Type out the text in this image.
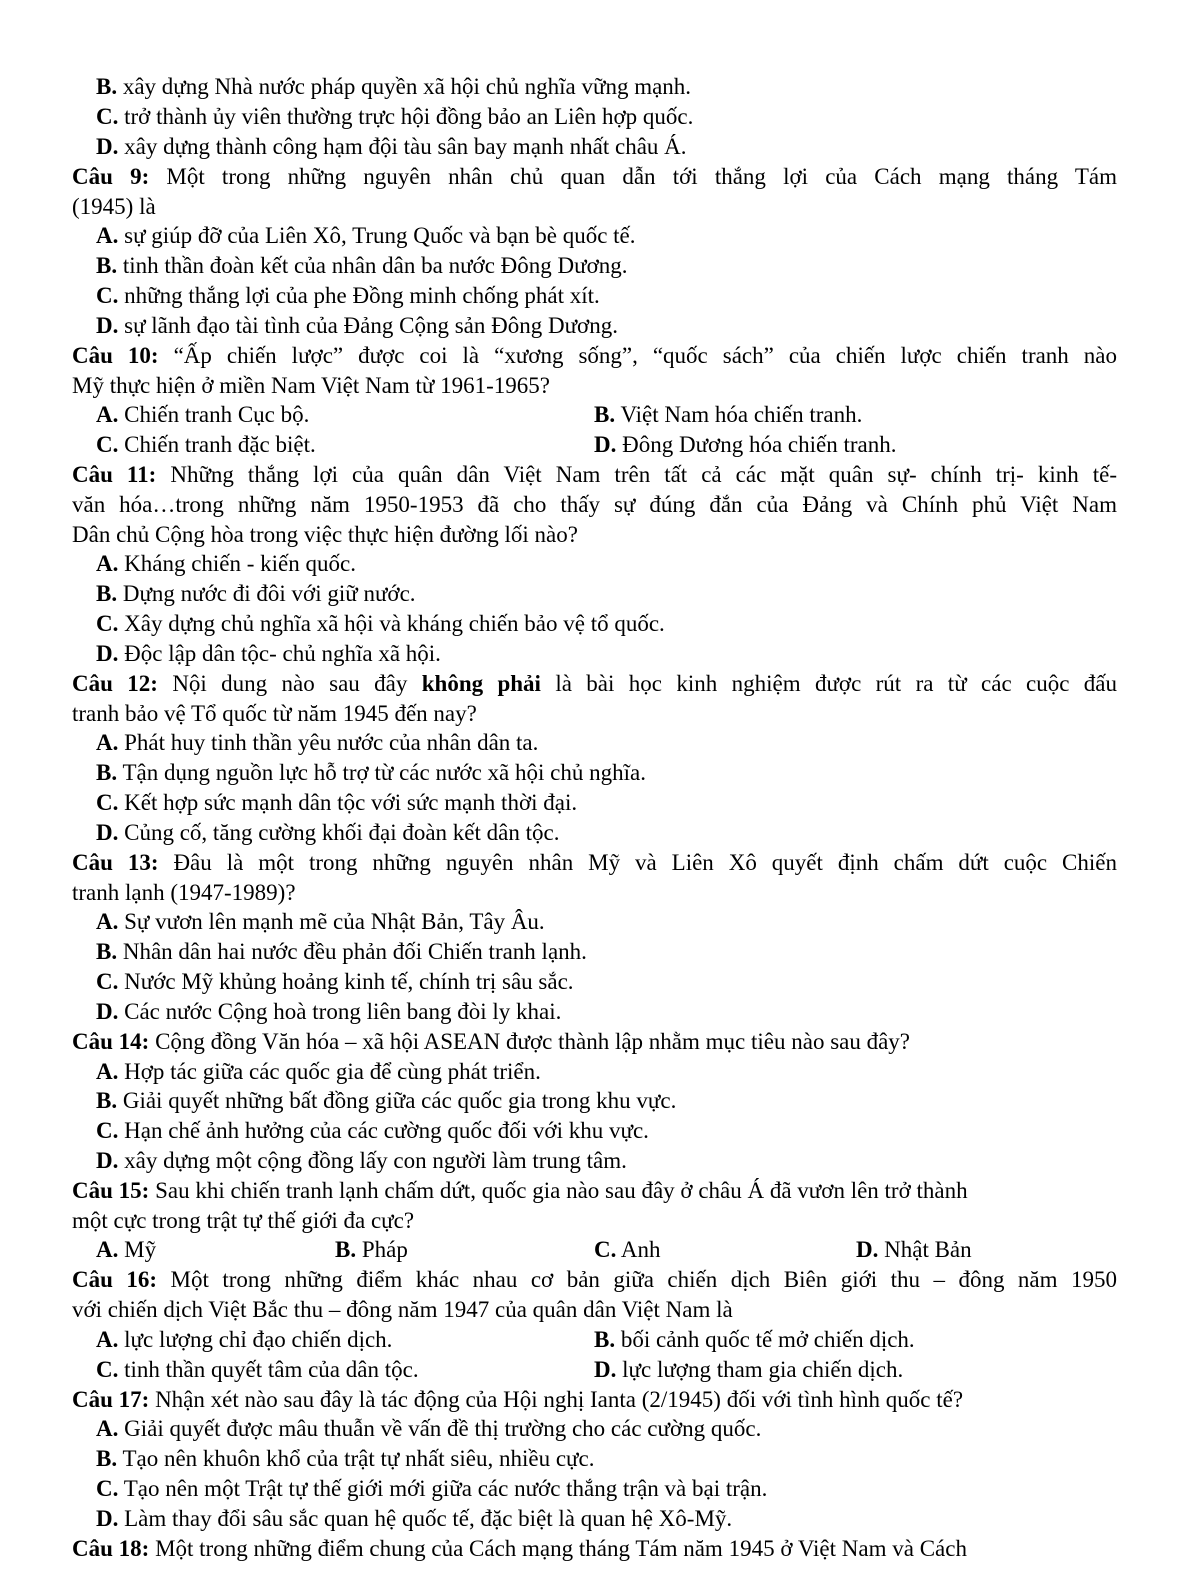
B. xây dựng Nhà nước pháp quyền xã hội chủ nghĩa vững mạnh.
C. trở thành ủy viên thường trực hội đồng bảo an Liên hợp quốc.
D. xây dựng thành công hạm đội tàu sân bay mạnh nhất châu Á.
Câu 9: Một trong những nguyên nhân chủ quan dẫn tới thắng lợi của Cách mạng tháng Tám
(1945) là
A. sự giúp đỡ của Liên Xô, Trung Quốc và bạn bè quốc tế.
B. tinh thần đoàn kết của nhân dân ba nước Đông Dương.
C. những thắng lợi của phe Đồng minh chống phát xít.
D. sự lãnh đạo tài tình của Đảng Cộng sản Đông Dương.
Câu 10: “Ấp chiến lược” được coi là “xương sống”, “quốc sách” của chiến lược chiến tranh nào
Mỹ thực hiện ở miền Nam Việt Nam từ 1961-1965?
A. Chiến tranh Cục bộ.	B. Việt Nam hóa chiến tranh.
C. Chiến tranh đặc biệt.	D. Đông Dương hóa chiến tranh.
Câu 11: Những thắng lợi của quân dân Việt Nam trên tất cả các mặt quân sự- chính trị- kinh tế-
văn hóa…trong những năm 1950-1953 đã cho thấy sự đúng đắn của Đảng và Chính phủ Việt Nam
Dân chủ Cộng hòa trong việc thực hiện đường lối nào?
A. Kháng chiến - kiến quốc.
B. Dựng nước đi đôi với giữ nước.
C. Xây dựng chủ nghĩa xã hội và kháng chiến bảo vệ tổ quốc.
D. Độc lập dân tộc- chủ nghĩa xã hội.
Câu 12: Nội dung nào sau đây không phải là bài học kinh nghiệm được rút ra từ các cuộc đấu
tranh bảo vệ Tổ quốc từ năm 1945 đến nay?
A. Phát huy tinh thần yêu nước của nhân dân ta.
B. Tận dụng nguồn lực hỗ trợ từ các nước xã hội chủ nghĩa.
C. Kết hợp sức mạnh dân tộc với sức mạnh thời đại.
D. Củng cố, tăng cường khối đại đoàn kết dân tộc.
Câu 13: Đâu là một trong những nguyên nhân Mỹ và Liên Xô quyết định chấm dứt cuộc Chiến
tranh lạnh (1947-1989)?
A. Sự vươn lên mạnh mẽ của Nhật Bản, Tây Âu.
B. Nhân dân hai nước đều phản đối Chiến tranh lạnh.
C. Nước Mỹ khủng hoảng kinh tế, chính trị sâu sắc.
D. Các nước Cộng hoà trong liên bang đòi ly khai.
Câu 14: Cộng đồng Văn hóa – xã hội ASEAN được thành lập nhằm mục tiêu nào sau đây?
A. Hợp tác giữa các quốc gia để cùng phát triển.
B. Giải quyết những bất đồng giữa các quốc gia trong khu vực.
C. Hạn chế ảnh hưởng của các cường quốc đối với khu vực.
D. xây dựng một cộng đồng lấy con người làm trung tâm.
Câu 15: Sau khi chiến tranh lạnh chấm dứt, quốc gia nào sau đây ở châu Á đã vươn lên trở thành
một cực trong trật tự thế giới đa cực?
A. Mỹ	B. Pháp	C. Anh	D. Nhật Bản
Câu 16: Một trong những điểm khác nhau cơ bản giữa chiến dịch Biên giới thu – đông năm 1950
với chiến dịch Việt Bắc thu – đông năm 1947 của quân dân Việt Nam là
A. lực lượng chỉ đạo chiến dịch.	B. bối cảnh quốc tế mở chiến dịch.
C. tinh thần quyết tâm của dân tộc.	D. lực lượng tham gia chiến dịch.
Câu 17: Nhận xét nào sau đây là tác động của Hội nghị Ianta (2/1945) đối với tình hình quốc tế?
A. Giải quyết được mâu thuẫn về vấn đề thị trường cho các cường quốc.
B. Tạo nên khuôn khổ của trật tự nhất siêu, nhiều cực.
C. Tạo nên một Trật tự thế giới mới giữa các nước thắng trận và bại trận.
D. Làm thay đổi sâu sắc quan hệ quốc tế, đặc biệt là quan hệ Xô-Mỹ.
Câu 18: Một trong những điểm chung của Cách mạng tháng Tám năm 1945 ở Việt Nam và Cách
